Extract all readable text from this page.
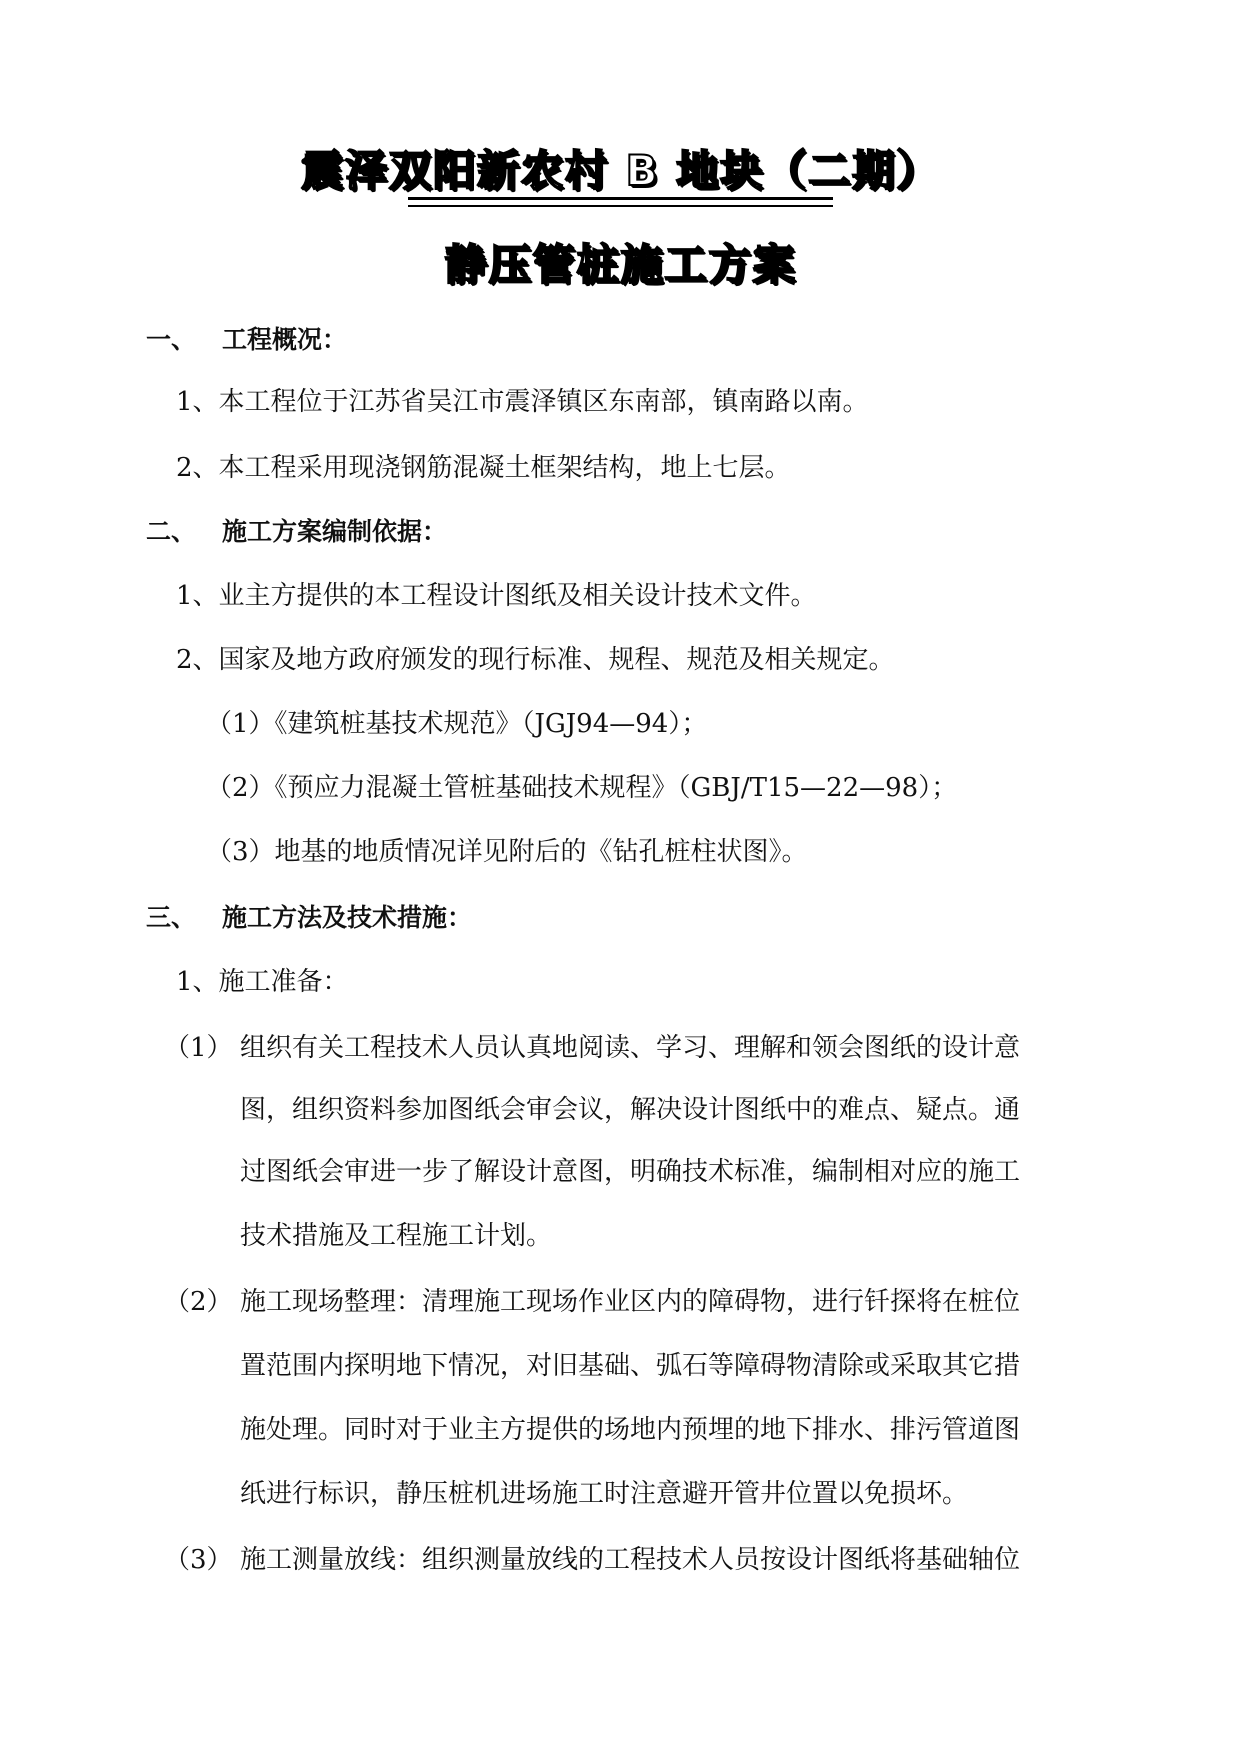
震泽双阳新农村 B 地块（二期）
静压管桩施工方案
一、 工程概况：
1、本工程位于江苏省吴江市震泽镇区东南部，镇南路以南。
2、本工程采用现浇钢筋混凝土框架结构，地上七层。
二、 施工方案编制依据：
1、业主方提供的本工程设计图纸及相关设计技术文件。
2、国家及地方政府颁发的现行标准、规程、规范及相关规定。
（1）《建筑桩基技术规范》（JGJ94—94）；
（2）《预应力混凝土管桩基础技术规程》（GBJ/T15—22—98）；
（3）地基的地质情况详见附后的《钻孔桩柱状图》。
三、 施工方法及技术措施：
1、施工准备：
（1） 组织有关工程技术人员认真地阅读、学习、理解和领会图纸的设计意
图，组织资料参加图纸会审会议，解决设计图纸中的难点、疑点。通
过图纸会审进一步了解设计意图，明确技术标准，编制相对应的施工
技术措施及工程施工计划。
（2） 施工现场整理：清理施工现场作业区内的障碍物，进行钎探将在桩位
置范围内探明地下情况，对旧基础、弧石等障碍物清除或采取其它措
施处理。同时对于业主方提供的场地内预埋的地下排水、排污管道图
纸进行标识，静压桩机进场施工时注意避开管井位置以免损坏。
（3） 施工测量放线：组织测量放线的工程技术人员按设计图纸将基础轴位
